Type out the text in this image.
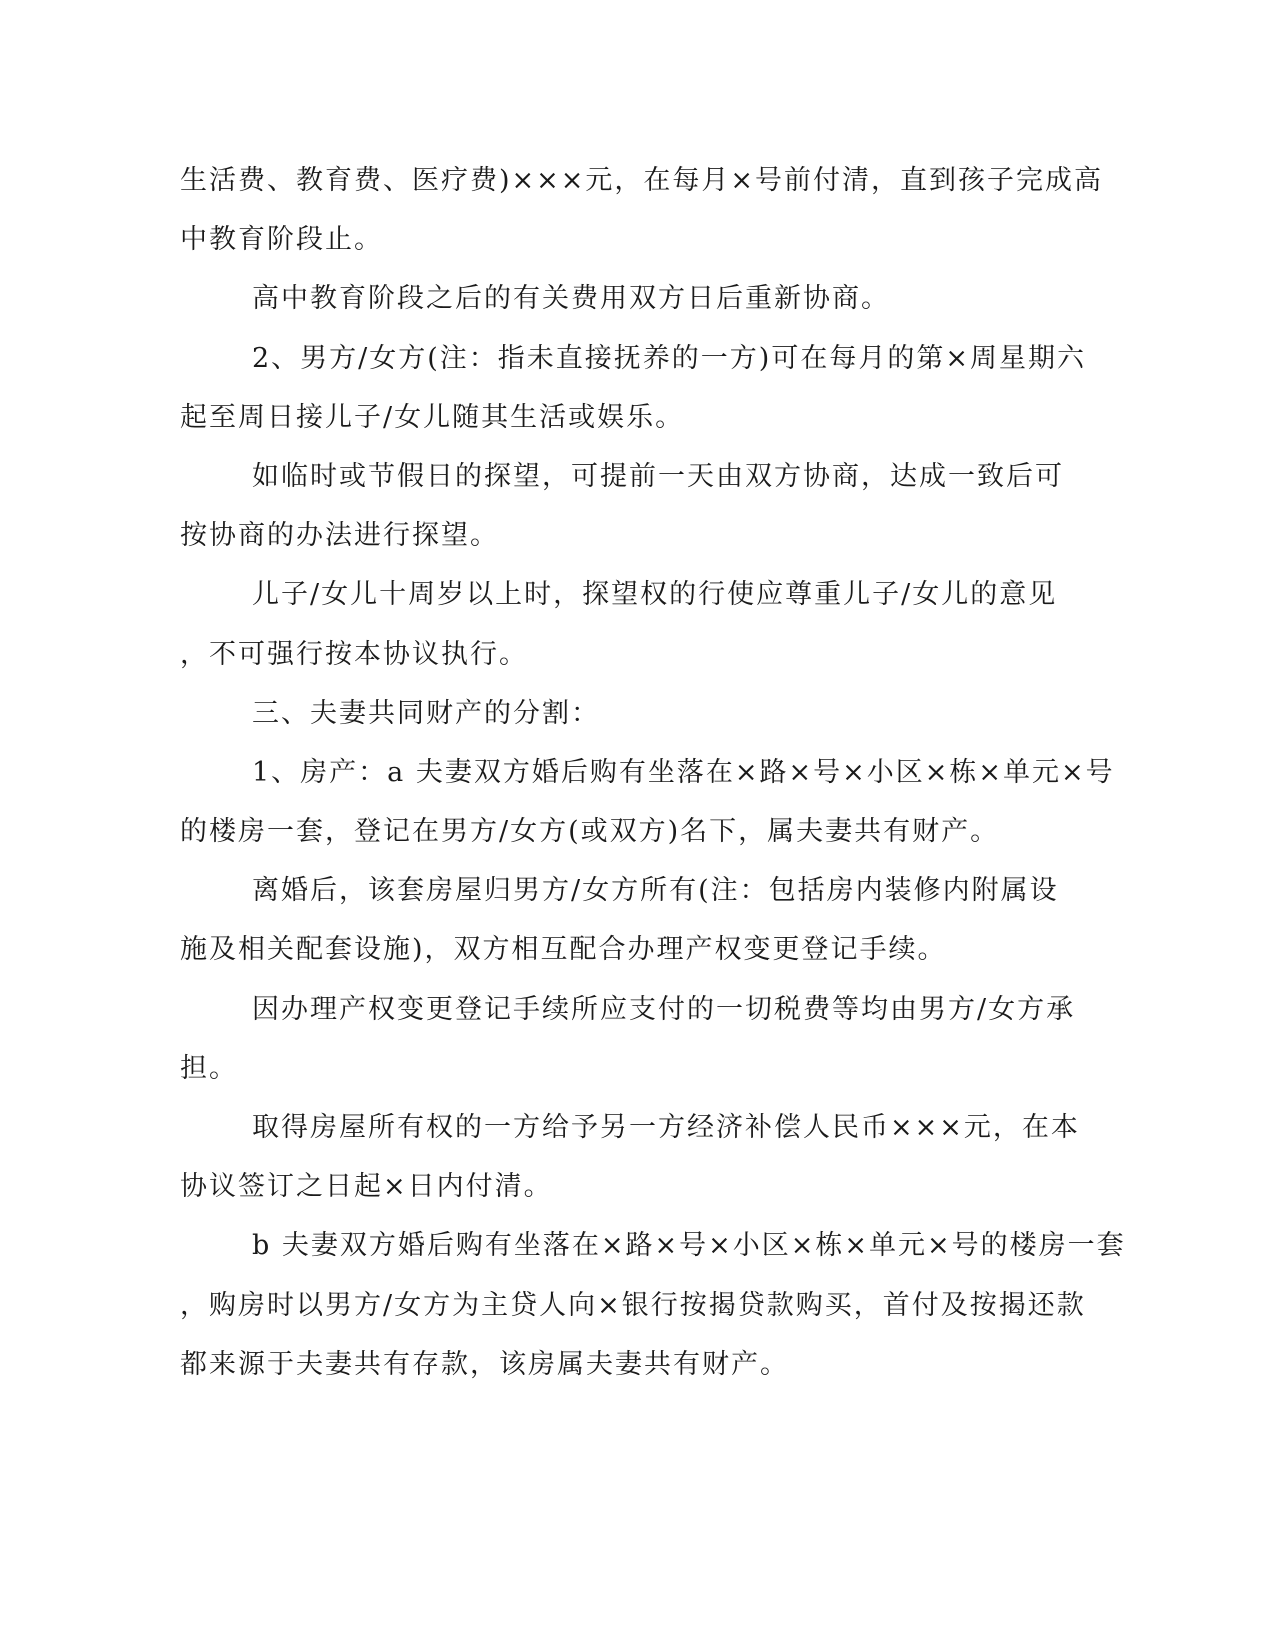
生活费、教育费、医疗费)×××元，在每月×号前付清，直到孩子完成高
中教育阶段止。
高中教育阶段之后的有关费用双方日后重新协商。
2、男方/女方(注：指未直接抚养的一方)可在每月的第×周星期六
起至周日接儿子/女儿随其生活或娱乐。
如临时或节假日的探望，可提前一天由双方协商，达成一致后可
按协商的办法进行探望。
儿子/女儿十周岁以上时，探望权的行使应尊重儿子/女儿的意见
，不可强行按本协议执行。
三、夫妻共同财产的分割：
1、房产：a 夫妻双方婚后购有坐落在×路×号×小区×栋×单元×号
的楼房一套，登记在男方/女方(或双方)名下，属夫妻共有财产。
离婚后，该套房屋归男方/女方所有(注：包括房内装修内附属设
施及相关配套设施)，双方相互配合办理产权变更登记手续。
因办理产权变更登记手续所应支付的一切税费等均由男方/女方承
担。
取得房屋所有权的一方给予另一方经济补偿人民币×××元，在本
协议签订之日起×日内付清。
b 夫妻双方婚后购有坐落在×路×号×小区×栋×单元×号的楼房一套
，购房时以男方/女方为主贷人向×银行按揭贷款购买，首付及按揭还款
都来源于夫妻共有存款，该房属夫妻共有财产。
